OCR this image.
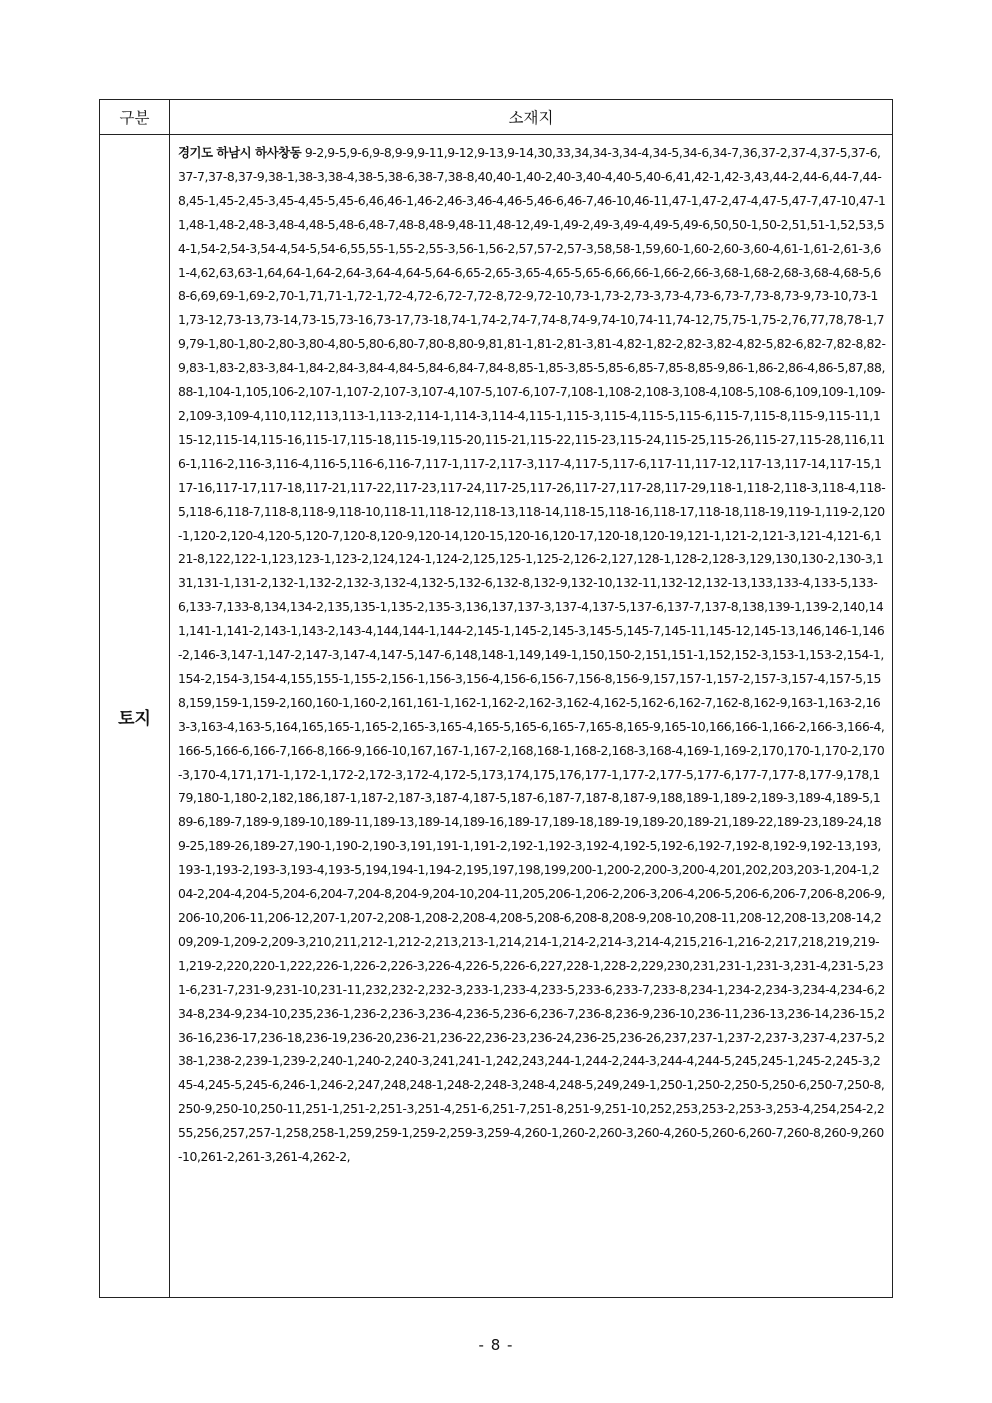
구분	소재지
토지	경기도 하남시 하사창동 9-2,9-5,9-6,9-8,9-9,9-11,9-12,9-13,9-14,30,33,34,34-3,34-4,34-5,34-6,34-7,36,37-2,37-4,37-5,37-6,37-7,37-8,37-9,38-1,38-3,38-4,38-5,38-6,38-7,38-8,40,40-1,40-2,40-3,40-4,40-5,40-6,41,42-1,42-3,43,44-2,44-6,44-7,44-8,45-1,45-2,45-3,45-4,45-5,45-6,46,46-1,46-2,46-3,46-4,46-5,46-6,46-7,46-10,46-11,47-1,47-2,47-4,47-5,47-7,47-10,47-11,48-1,48-2,48-3,48-4,48-5,48-6,48-7,48-8,48-9,48-11,48-12,49-1,49-2,49-3,49-4,49-5,49-6,50,50-1,50-2,51,51-1,52,53,54-1,54-2,54-3,54-4,54-5,54-6,55,55-1,55-2,55-3,56-1,56-2,57,57-2,57-3,58,58-1,59,60-1,60-2,60-3,60-4,61-1,61-2,61-3,61-4,62,63,63-1,64,64-1,64-2,64-3,64-4,64-5,64-6,65-2,65-3,65-4,65-5,65-6,66,66-1,66-2,66-3,68-1,68-2,68-3,68-4,68-5,68-6,69,69-1,69-2,70-1,71,71-1,72-1,72-4,72-6,72-7,72-8,72-9,72-10,73-1,73-2,73-3,73-4,73-6,73-7,73-8,73-9,73-10,73-11,73-12,73-13,73-14,73-15,73-16,73-17,73-18,74-1,74-2,74-7,74-8,74-9,74-10,74-11,74-12,75,75-1,75-2,76,77,78,78-1,79,79-1,80-1,80-2,80-3,80-4,80-5,80-6,80-7,80-8,80-9,81,81-1,81-2,81-3,81-4,82-1,82-2,82-3,82-4,82-5,82-6,82-7,82-8,82-9,83-1,83-2,83-3,84-1,84-2,84-3,84-4,84-5,84-6,84-7,84-8,85-1,85-3,85-5,85-6,85-7,85-8,85-9,86-1,86-2,86-4,86-5,87,88,88-1,104-1,105,106-2,107-1,107-2,107-3,107-4,107-5,107-6,107-7,108-1,108-2,108-3,108-4,108-5,108-6,109,109-1,109-2,109-3,109-4,110,112,113,113-1,113-2,114-1,114-3,114-4,115-1,115-3,115-4,115-5,115-6,115-7,115-8,115-9,115-11,115-12,115-14,115-16,115-17,115-18,115-19,115-20,115-21,115-22,115-23,115-24,115-25,115-26,115-27,115-28,116,116-1,116-2,116-3,116-4,116-5,116-6,116-7,117-1,117-2,117-3,117-4,117-5,117-6,117-11,117-12,117-13,117-14,117-15,117-16,117-17,117-18,117-21,117-22,117-23,117-24,117-25,117-26,117-27,117-28,117-29,118-1,118-2,118-3,118-4,118-5,118-6,118-7,118-8,118-9,118-10,118-11,118-12,118-13,118-14,118-15,118-16,118-17,118-18,118-19,119-1,119-2,120-1,120-2,120-4,120-5,120-7,120-8,120-9,120-14,120-15,120-16,120-17,120-18,120-19,121-1,121-2,121-3,121-4,121-6,121-8,122,122-1,123,123-1,123-2,124,124-1,124-2,125,125-1,125-2,126-2,127,128-1,128-2,128-3,129,130,130-2,130-3,131,131-1,131-2,132-1,132-2,132-3,132-4,132-5,132-6,132-8,132-9,132-10,132-11,132-12,132-13,133,133-4,133-5,133-6,133-7,133-8,134,134-2,135,135-1,135-2,135-3,136,137,137-3,137-4,137-5,137-6,137-7,137-8,138,139-1,139-2,140,141,141-1,141-2,143-1,143-2,143-4,144,144-1,144-2,145-1,145-2,145-3,145-5,145-7,145-11,145-12,145-13,146,146-1,146-2,146-3,147-1,147-2,147-3,147-4,147-5,147-6,148,148-1,149,149-1,150,150-2,151,151-1,152,152-3,153-1,153-2,154-1,154-2,154-3,154-4,155,155-1,155-2,156-1,156-3,156-4,156-6,156-7,156-8,156-9,157,157-1,157-2,157-3,157-4,157-5,158,159,159-1,159-2,160,160-1,160-2,161,161-1,162-1,162-2,162-3,162-4,162-5,162-6,162-7,162-8,162-9,163-1,163-2,163-3,163-4,163-5,164,165,165-1,165-2,165-3,165-4,165-5,165-6,165-7,165-8,165-9,165-10,166,166-1,166-2,166-3,166-4,166-5,166-6,166-7,166-8,166-9,166-10,167,167-1,167-2,168,168-1,168-2,168-3,168-4,169-1,169-2,170,170-1,170-2,170-3,170-4,171,171-1,172-1,172-2,172-3,172-4,172-5,173,174,175,176,177-1,177-2,177-5,177-6,177-7,177-8,177-9,178,179,180-1,180-2,182,186,187-1,187-2,187-3,187-4,187-5,187-6,187-7,187-8,187-9,188,189-1,189-2,189-3,189-4,189-5,189-6,189-7,189-9,189-10,189-11,189-13,189-14,189-16,189-17,189-18,189-19,189-20,189-21,189-22,189-23,189-24,189-25,189-26,189-27,190-1,190-2,190-3,191,191-1,191-2,192-1,192-3,192-4,192-5,192-6,192-7,192-8,192-9,192-13,193,193-1,193-2,193-3,193-4,193-5,194,194-1,194-2,195,197,198,199,200-1,200-2,200-3,200-4,201,202,203,203-1,204-1,204-2,204-4,204-5,204-6,204-7,204-8,204-9,204-10,204-11,205,206-1,206-2,206-3,206-4,206-5,206-6,206-7,206-8,206-9,206-10,206-11,206-12,207-1,207-2,208-1,208-2,208-4,208-5,208-6,208-8,208-9,208-10,208-11,208-12,208-13,208-14,209,209-1,209-2,209-3,210,211,212-1,212-2,213,213-1,214,214-1,214-2,214-3,214-4,215,216-1,216-2,217,218,219,219-1,219-2,220,220-1,222,226-1,226-2,226-3,226-4,226-5,226-6,227,228-1,228-2,229,230,231,231-1,231-3,231-4,231-5,231-6,231-7,231-9,231-10,231-11,232,232-2,232-3,233-1,233-4,233-5,233-6,233-7,233-8,234-1,234-2,234-3,234-4,234-6,234-8,234-9,234-10,235,236-1,236-2,236-3,236-4,236-5,236-6,236-7,236-8,236-9,236-10,236-11,236-13,236-14,236-15,236-16,236-17,236-18,236-19,236-20,236-21,236-22,236-23,236-24,236-25,236-26,237,237-1,237-2,237-3,237-4,237-5,238-1,238-2,239-1,239-2,240-1,240-2,240-3,241,241-1,242,243,244-1,244-2,244-3,244-4,244-5,245,245-1,245-2,245-3,245-4,245-5,245-6,246-1,246-2,247,248,248-1,248-2,248-3,248-4,248-5,249,249-1,250-1,250-2,250-5,250-6,250-7,250-8,250-9,250-10,250-11,251-1,251-2,251-3,251-4,251-6,251-7,251-8,251-9,251-10,252,253,253-2,253-3,253-4,254,254-2,255,256,257,257-1,258,258-1,259,259-1,259-2,259-3,259-4,260-1,260-2,260-3,260-4,260-5,260-6,260-7,260-8,260-9,260-10,261-2,261-3,261-4,262-2,

- 8 -
